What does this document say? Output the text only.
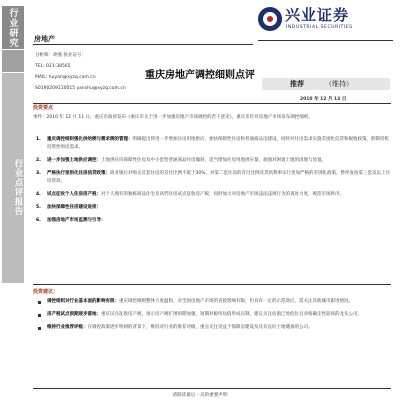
行业研究
行业点评报告
房地产
分析师：胡燕 执业证号：
TEL: 021-38565
MAIL: huyan@xyzq.com.cn
S0190209110015 yanshu@xyzq.com.cn
兴业证券
INDUSTRIAL SECURITIES
重庆房地产调控细则点评
推荐	（维持）
2010 年 12 月 13 日
投资要点
事件：2010 年 12 月 11 日，重庆市政府发布《重庆市关于进一步加强房地产市场调控的若干意见》，重庆市针对房地产市场发布调控细则。
1. 重庆调控细则强化供给侧与需求侧的管理：明确提出将进一步增加住房用地供应，加快保障性住房和普通商品房建设，同时对住房需求实施差别化信贷和税收政策，抑制投机投资性购房需求。
2. 进一步加强土地供应调控：土地供应向保障性住房及中小套型普通商品住房倾斜，适当增加住房用地供应量，加强对闲置土地的清理与处置。
3. 严格执行差别化住房信贷政策：商业银行对购买首套住房的首付比例不低于30%，对第二套住房的首付比例及贷款利率实行更加严格的差别化政策，暂停发放第三套及以上住房贷款。
4. 试点征收个人住房房产税：对个人拥有的独栋商品住宅及高档住房试点征收房产税，同时加大对房地产市场违法违规行为的查处力度，规范市场秩序。
5. 加快保障性住房建设进度：
6. 加强房地产市场监测与引导：
投资建议：
调控细则对行业基本面的影响有限：重庆调控细则整体力度温和，对全国房地产市场的直接影响有限，但具有一定的示范效应，需关注其他城市跟进情况。
房产税试点预期逐步落地：重庆试点征收房产税，预示房产税扩围预期加强，短期对板块估值形成压制，建议关注估值已处低位且业绩确定性较高的龙头公司。
维持行业推荐评级：在调控政策逐步明朗的背景下，维持对行业的推荐评级，重点关注受益于保障房建设及具有良好土地储备的公司。
请阅读最后一页的重要声明
